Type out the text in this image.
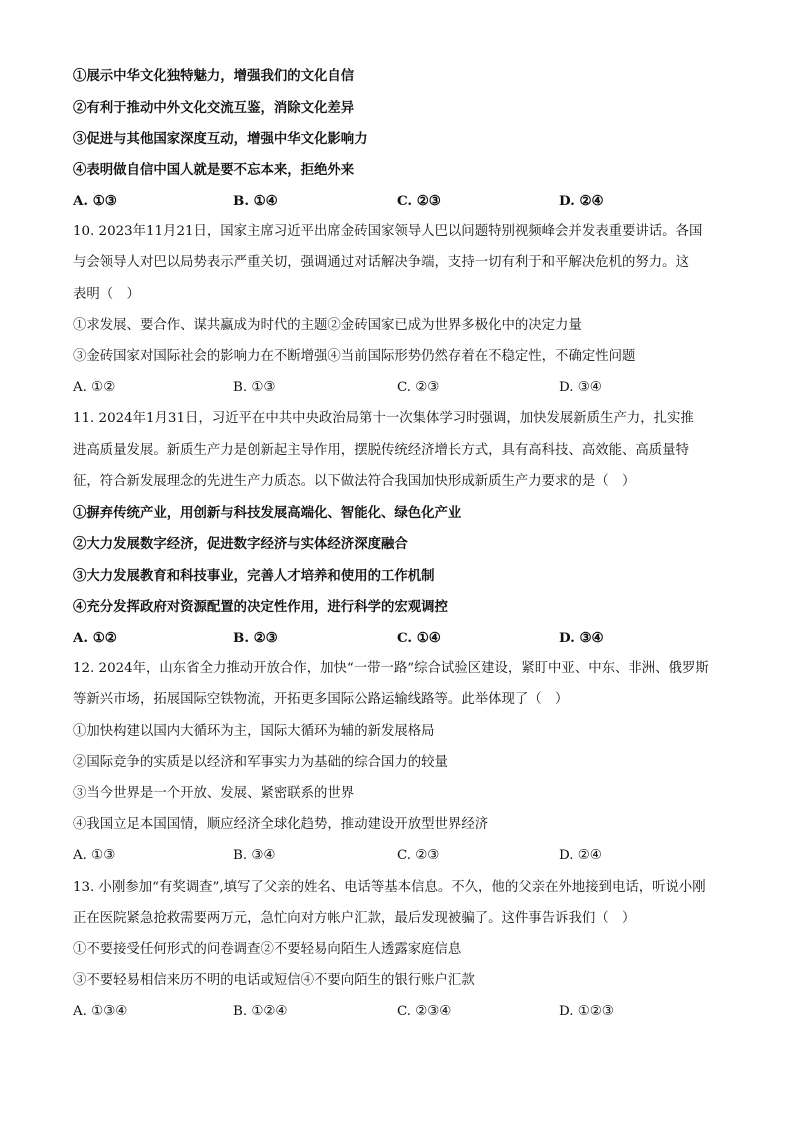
①展示中华文化独特魅力，增强我们的文化自信
②有利于推动中外文化交流互鉴，消除文化差异
③促进与其他国家深度互动，增强中华文化影响力
④表明做自信中国人就是要不忘本来，拒绝外来
A. ①③	B. ①④	C. ②③	D. ②④
10. 2023年11月21日，国家主席习近平出席金砖国家领导人巴以问题特别视频峰会并发表重要讲话。各国
与会领导人对巴以局势表示严重关切，强调通过对话解决争端，支持一切有利于和平解决危机的努力。这
表明（　）
①求发展、要合作、谋共赢成为时代的主题②金砖国家已成为世界多极化中的决定力量
③金砖国家对国际社会的影响力在不断增强④当前国际形势仍然存着在不稳定性，不确定性问题
A. ①②	B. ①③	C. ②③	D. ③④
11. 2024年1月31日，习近平在中共中央政治局第十一次集体学习时强调，加快发展新质生产力，扎实推
进高质量发展。新质生产力是创新起主导作用，摆脱传统经济增长方式，具有高科技、高效能、高质量特
征，符合新发展理念的先进生产力质态。以下做法符合我国加快形成新质生产力要求的是（　）
①摒弃传统产业，用创新与科技发展高端化、智能化、绿色化产业
②大力发展数字经济，促进数字经济与实体经济深度融合
③大力发展教育和科技事业，完善人才培养和使用的工作机制
④充分发挥政府对资源配置的决定性作用，进行科学的宏观调控
A. ①②	B. ②③	C. ①④	D. ③④
12. 2024年，山东省全力推动开放合作，加快“一带一路”综合试验区建设，紧盯中亚、中东、非洲、俄罗斯
等新兴市场，拓展国际空铁物流，开拓更多国际公路运输线路等。此举体现了（　）
①加快构建以国内大循环为主，国际大循环为辅的新发展格局
②国际竞争的实质是以经济和军事实力为基础的综合国力的较量
③当今世界是一个开放、发展、紧密联系的世界
④我国立足本国国情，顺应经济全球化趋势，推动建设开放型世界经济
A. ①③	B. ③④	C. ②③	D. ②④
13. 小刚参加“有奖调查”,填写了父亲的姓名、电话等基本信息。不久，他的父亲在外地接到电话，听说小刚
正在医院紧急抢救需要两万元，急忙向对方帐户汇款，最后发现被骗了。这件事告诉我们（　）
①不要接受任何形式的问卷调查②不要轻易向陌生人透露家庭信息
③不要轻易相信来历不明的电话或短信④不要向陌生的银行账户汇款
A. ①③④	B. ①②④	C. ②③④	D. ①②③
